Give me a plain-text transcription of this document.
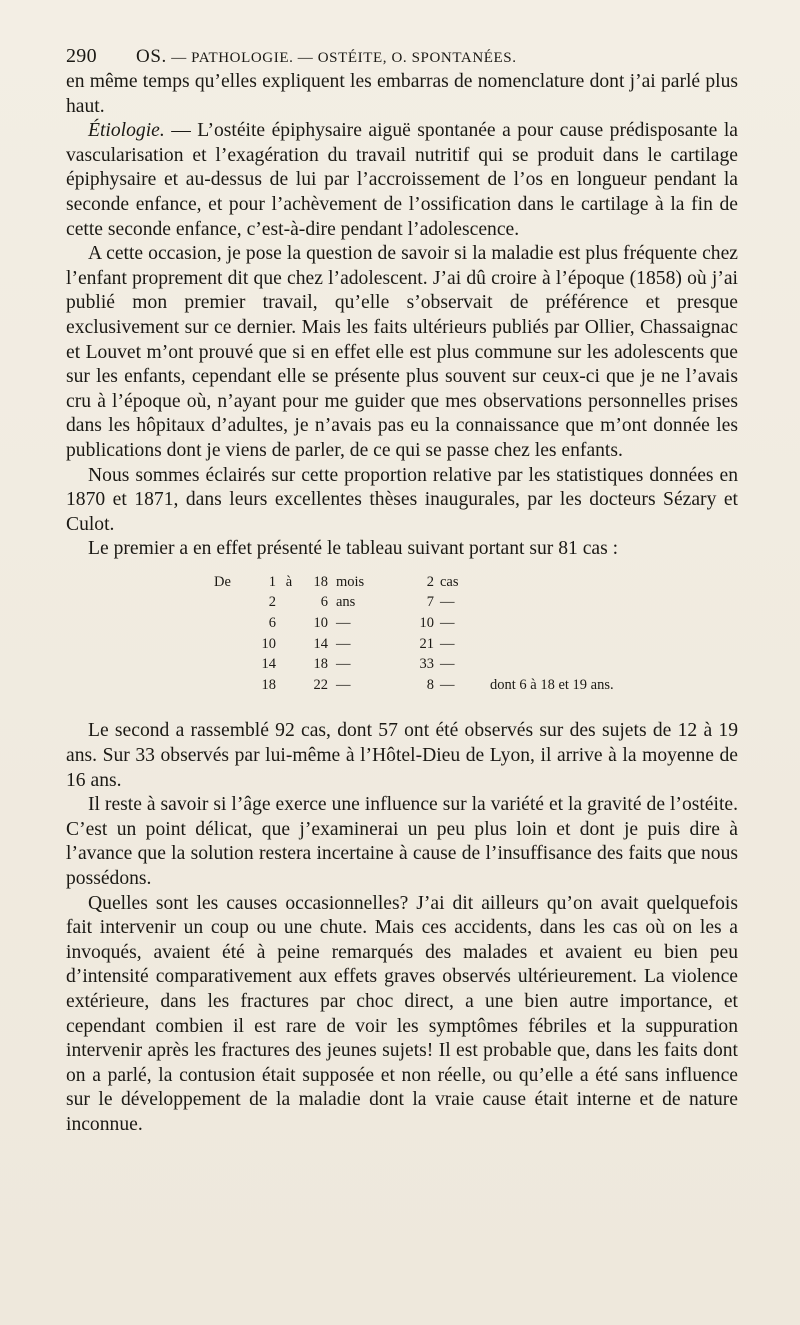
290	OS. — PATHOLOGIE. — OSTÉITE, O. SPONTANÉES.

en même temps qu’elles expliquent les embarras de nomenclature dont j’ai parlé plus haut.

Étiologie. — L’ostéite épiphysaire aiguë spontanée a pour cause prédisposante la vascularisation et l’exagération du travail nutritif qui se produit dans le cartilage épiphysaire et au-dessus de lui par l’accroissement de l’os en longueur pendant la seconde enfance, et pour l’achèvement de l’ossification dans le cartilage à la fin de cette seconde enfance, c’est-à-dire pendant l’adolescence.

A cette occasion, je pose la question de savoir si la maladie est plus fréquente chez l’enfant proprement dit que chez l’adolescent. J’ai dû croire à l’époque (1858) où j’ai publié mon premier travail, qu’elle s’observait de préférence et presque exclusivement sur ce dernier. Mais les faits ultérieurs publiés par Ollier, Chassaignac et Louvet m’ont prouvé que si en effet elle est plus commune sur les adolescents que sur les enfants, cependant elle se présente plus souvent sur ceux-ci que je ne l’avais cru à l’époque où, n’ayant pour me guider que mes observations personnelles prises dans les hôpitaux d’adultes, je n’avais pas eu la connaissance que m’ont donnée les publications dont je viens de parler, de ce qui se passe chez les enfants.

Nous sommes éclairés sur cette proportion relative par les statistiques données en 1870 et 1871, dans leurs excellentes thèses inaugurales, par les docteurs Sézary et Culot.

Le premier a en effet présenté le tableau suivant portant sur 81 cas :

De	1	à	18	mois	2	cas	
	2		6	ans	7	—	
	6		10	—	10	—	
	10		14	—	21	—	
	14		18	—	33	—	
	18		22	—	8	—	dont 6 à 18 et 19 ans.

Le second a rassemblé 92 cas, dont 57 ont été observés sur des sujets de 12 à 19 ans. Sur 33 observés par lui-même à l’Hôtel-Dieu de Lyon, il arrive à la moyenne de 16 ans.

Il reste à savoir si l’âge exerce une influence sur la variété et la gravité de l’ostéite. C’est un point délicat, que j’examinerai un peu plus loin et dont je puis dire à l’avance que la solution restera incertaine à cause de l’insuffisance des faits que nous possédons.

Quelles sont les causes occasionnelles? J’ai dit ailleurs qu’on avait quelquefois fait intervenir un coup ou une chute. Mais ces accidents, dans les cas où on les a invoqués, avaient été à peine remarqués des malades et avaient eu bien peu d’intensité comparativement aux effets graves observés ultérieurement. La violence extérieure, dans les fractures par choc direct, a une bien autre importance, et cependant combien il est rare de voir les symptômes fébriles et la suppuration intervenir après les fractures des jeunes sujets! Il est probable que, dans les faits dont on a parlé, la contusion était supposée et non réelle, ou qu’elle a été sans influence sur le développement de la maladie dont la vraie cause était interne et de nature inconnue.
